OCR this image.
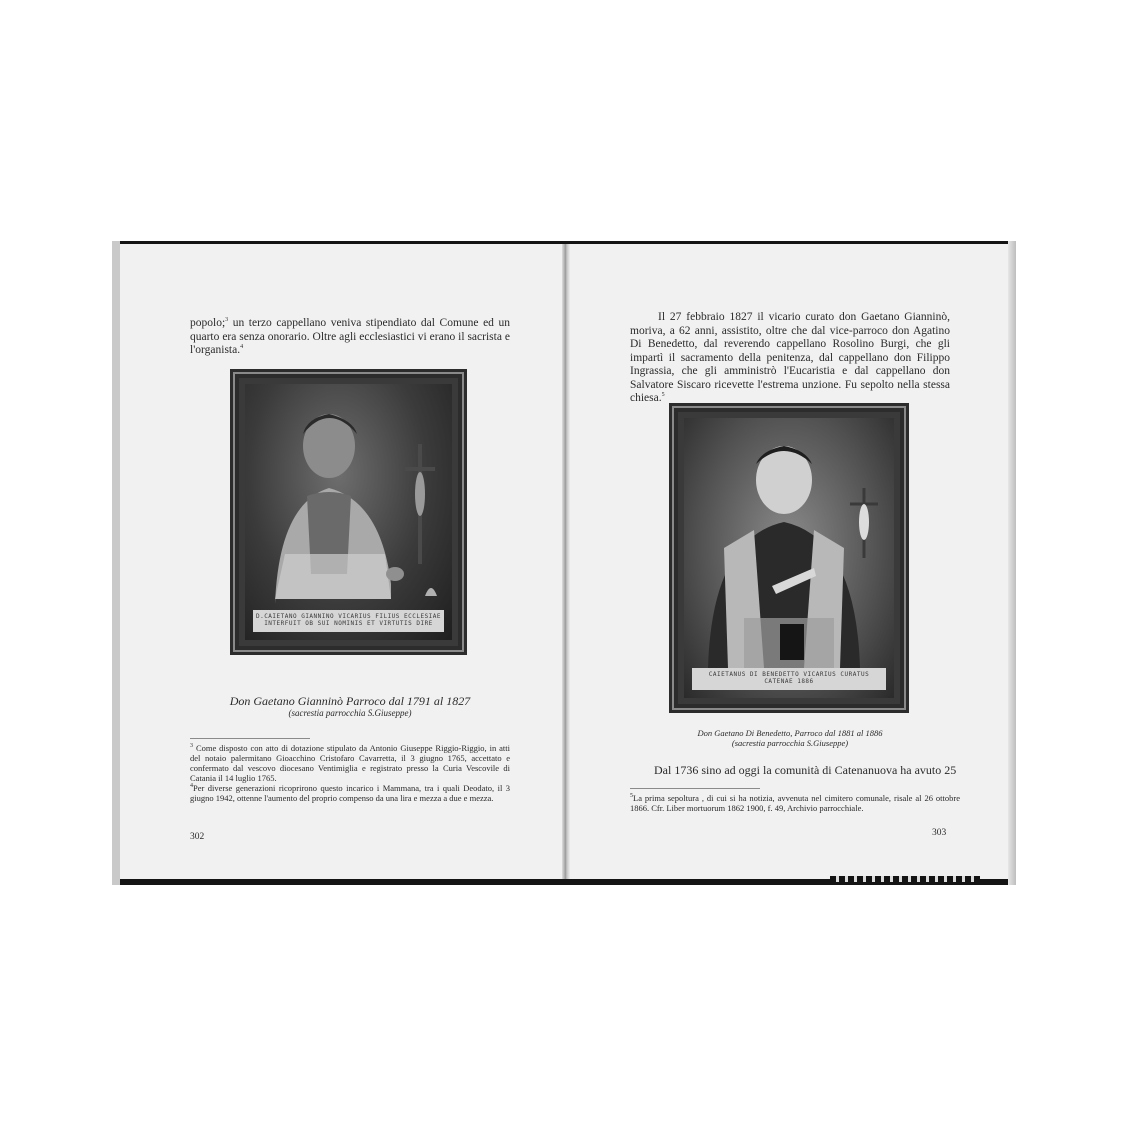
popolo;$^3$ un terzo cappellano veniva stipendiato dal Comune ed un quarto era senza onorario. Oltre agli ecclesiastici vi erano il sacrista e l'organista.$^4$

D.CAIETANO GIANNINO VICARIUS FILIUS ECCLESIAE
INTERFUIT OB SUI NOMINIS ET VIRTUTIS DIRE
Don Gaetano Gianninò Parroco dal 1791 al 1827
(sacrestia parrocchia S.Giuseppe)

$^3$ Come disposto con atto di dotazione stipulato da Antonio Giuseppe Riggio-Riggio, in atti del notaio palermitano Gioacchino Cristofaro Cavarretta, il 3 giugno 1765, accettato e confermato dal vescovo diocesano Ventimiglia e registrato presso la Curia Vescovile di Catania il 14 luglio 1765.

$^4$Per diverse generazioni ricoprirono questo incarico i Mammana, tra i quali Deodato, il 3 giugno 1942, ottenne l'aumento del proprio compenso da una lira e mezza a due e mezza.

302

Il 27 febbraio 1827 il vicario curato don Gaetano Gianninò, moriva, a 62 anni, assistito, oltre che dal vice-parroco don Agatino Di Benedetto, dal reverendo cappellano Rosolino Burgi, che gli impartì il sacramento della penitenza, dal cappellano don Filippo Ingrassia, che gli amministrò l'Eucaristia e dal cappellano don Salvatore Siscaro ricevette l'estrema unzione. Fu sepolto nella stessa chiesa.$^5$

CAIETANUS DI BENEDETTO VICARIUS CURATUS
CATENAE 1886
Don Gaetano Di Benedetto, Parroco dal 1881 al 1886
(sacrestia parrocchia S.Giuseppe)
Dal 1736 sino ad oggi la comunità di Catenanuova ha avuto 25

$^5$La prima sepoltura , di cui si ha notizia, avvenuta nel cimitero comunale, risale al 26 ottobre 1866. Cfr. Liber mortuorum 1862 1900, f. 49, Archivio parrocchiale.

303
